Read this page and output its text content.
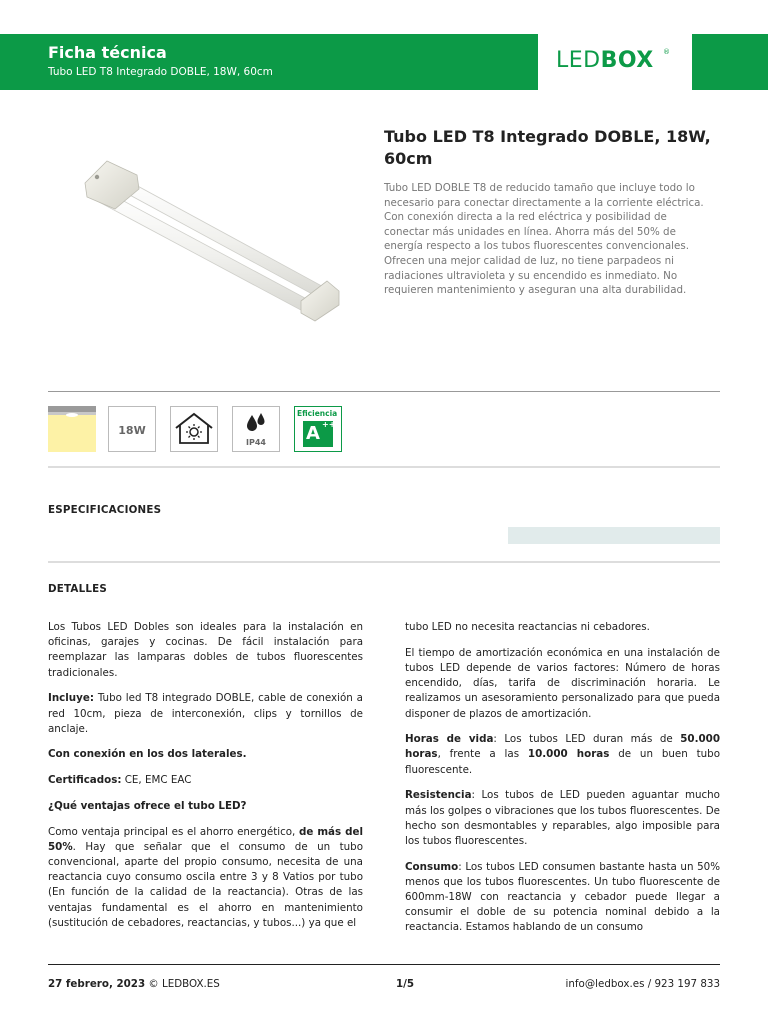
Ficha técnica
Tubo LED T8 Integrado DOBLE, 18W, 60cm	LEDBOX ®
Tubo LED T8 Integrado DOBLE, 18W, 60cm
Tubo LED DOBLE T8 de reducido tamaño que incluye todo lo necesario para conectar directamente a la corriente eléctrica. Con conexión directa a la red eléctrica y posibilidad de conectar más unidades en línea. Ahorra más del 50% de energía respecto a los tubos fluorescentes convencionales. Ofrecen una mejor calidad de luz, no tiene parpadeos ni radiaciones ultravioleta y su encendido es inmediato. No requieren mantenimiento y aseguran una alta durabilidad.
18W
IP44
Eficiencia
A ++
ESPECIFICACIONES
DETALLES

Los Tubos LED Dobles son ideales para la instalación en oficinas, garajes y cocinas. De fácil instalación para reemplazar las lamparas dobles de tubos fluorescentes tradicionales.

Incluye: Tubo led T8 integrado DOBLE, cable de conexión a red 10cm, pieza de interconexión, clips y tornillos de anclaje.

Con conexión en los dos laterales.

Certificados: CE, EMC EAC

¿Qué ventajas ofrece el tubo LED?

Como ventaja principal es el ahorro energético, de más del 50%. Hay que señalar que el consumo de un tubo convencional, aparte del propio consumo, necesita de una reactancia cuyo consumo oscila entre 3 y 8 Vatios por tubo (En función de la calidad de la reactancia). Otras de las ventajas fundamental es el ahorro en mantenimiento (sustitución de cebadores, reactancias, y tubos...) ya que el

tubo LED no necesita reactancias ni cebadores.

El tiempo de amortización económica en una instalación de tubos LED depende de varios factores: Número de horas encendido, días, tarifa de discriminación horaria. Le realizamos un asesoramiento personalizado para que pueda disponer de plazos de amortización.

Horas de vida: Los tubos LED duran más de 50.000 horas, frente a las 10.000 horas de un buen tubo fluorescente.

Resistencia: Los tubos de LED pueden aguantar mucho más los golpes o vibraciones que los tubos fluorescentes. De hecho son desmontables y reparables, algo imposible para los tubos fluorescentes.

Consumo: Los tubos LED consumen bastante hasta un 50% menos que los tubos fluorescentes. Un tubo fluorescente de 600mm-18W con reactancia y cebador puede llegar a consumir el doble de su potencia nominal debido a la reactancia. Estamos hablando de un consumo

27 febrero, 2023 © LEDBOX.ES	1/5	info@ledbox.es / 923 197 833
